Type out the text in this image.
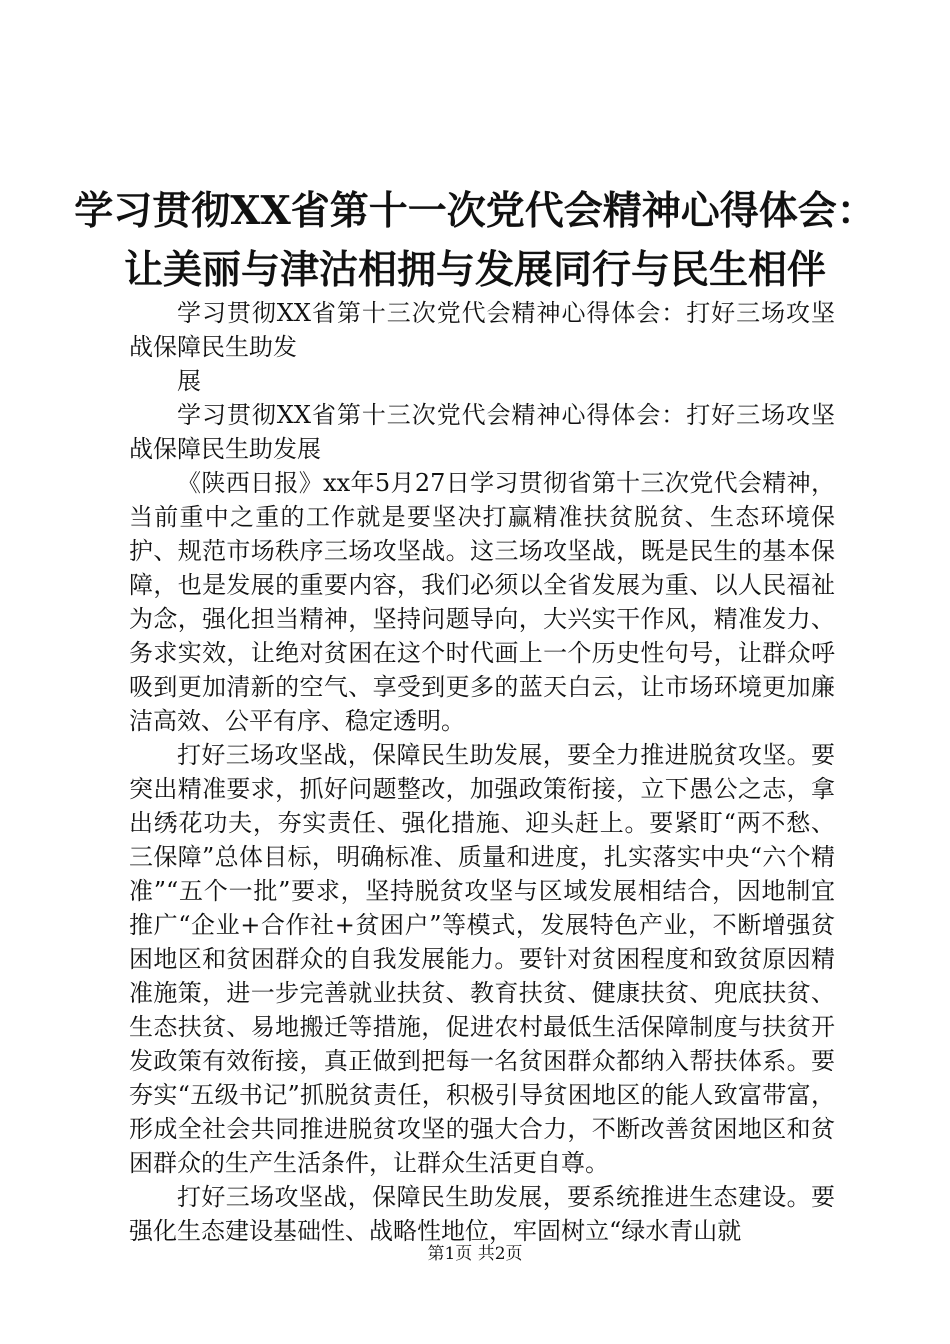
学习贯彻XX省第十一次党代会精神心得体会：
让美丽与津沽相拥与发展同行与民生相伴

学习贯彻XX省第十三次党代会精神心得体会：打好三场攻坚战保障民生助发

展

学习贯彻XX省第十三次党代会精神心得体会：打好三场攻坚战保障民生助发展

《陕西日报》xx年5月27日学习贯彻省第十三次党代会精神，当前重中之重的工作就是要坚决打赢精准扶贫脱贫、生态环境保护、规范市场秩序三场攻坚战。这三场攻坚战，既是民生的基本保障，也是发展的重要内容，我们必须以全省发展为重、以人民福祉为念，强化担当精神，坚持问题导向，大兴实干作风，精准发力、务求实效，让绝对贫困在这个时代画上一个历史性句号，让群众呼吸到更加清新的空气、享受到更多的蓝天白云，让市场环境更加廉洁高效、公平有序、稳定透明。

打好三场攻坚战，保障民生助发展，要全力推进脱贫攻坚。要突出精准要求，抓好问题整改，加强政策衔接，立下愚公之志，拿出绣花功夫，夯实责任、强化措施、迎头赶上。要紧盯“两不愁、三保障”总体目标，明确标准、质量和进度，扎实落实中央“六个精准”“五个一批”要求，坚持脱贫攻坚与区域发展相结合，因地制宜推广“企业+合作社+贫困户”等模式，发展特色产业，不断增强贫困地区和贫困群众的自我发展能力。要针对贫困程度和致贫原因精准施策，进一步完善就业扶贫、教育扶贫、健康扶贫、兜底扶贫、生态扶贫、易地搬迁等措施，促进农村最低生活保障制度与扶贫开发政策有效衔接，真正做到把每一名贫困群众都纳入帮扶体系。要夯实“五级书记”抓脱贫责任，积极引导贫困地区的能人致富带富，形成全社会共同推进脱贫攻坚的强大合力，不断改善贫困地区和贫困群众的生产生活条件，让群众生活更自尊。

打好三场攻坚战，保障民生助发展，要系统推进生态建设。要强化生态建设基础性、战略性地位，牢固树立“绿水青山就

第1页 共2页
